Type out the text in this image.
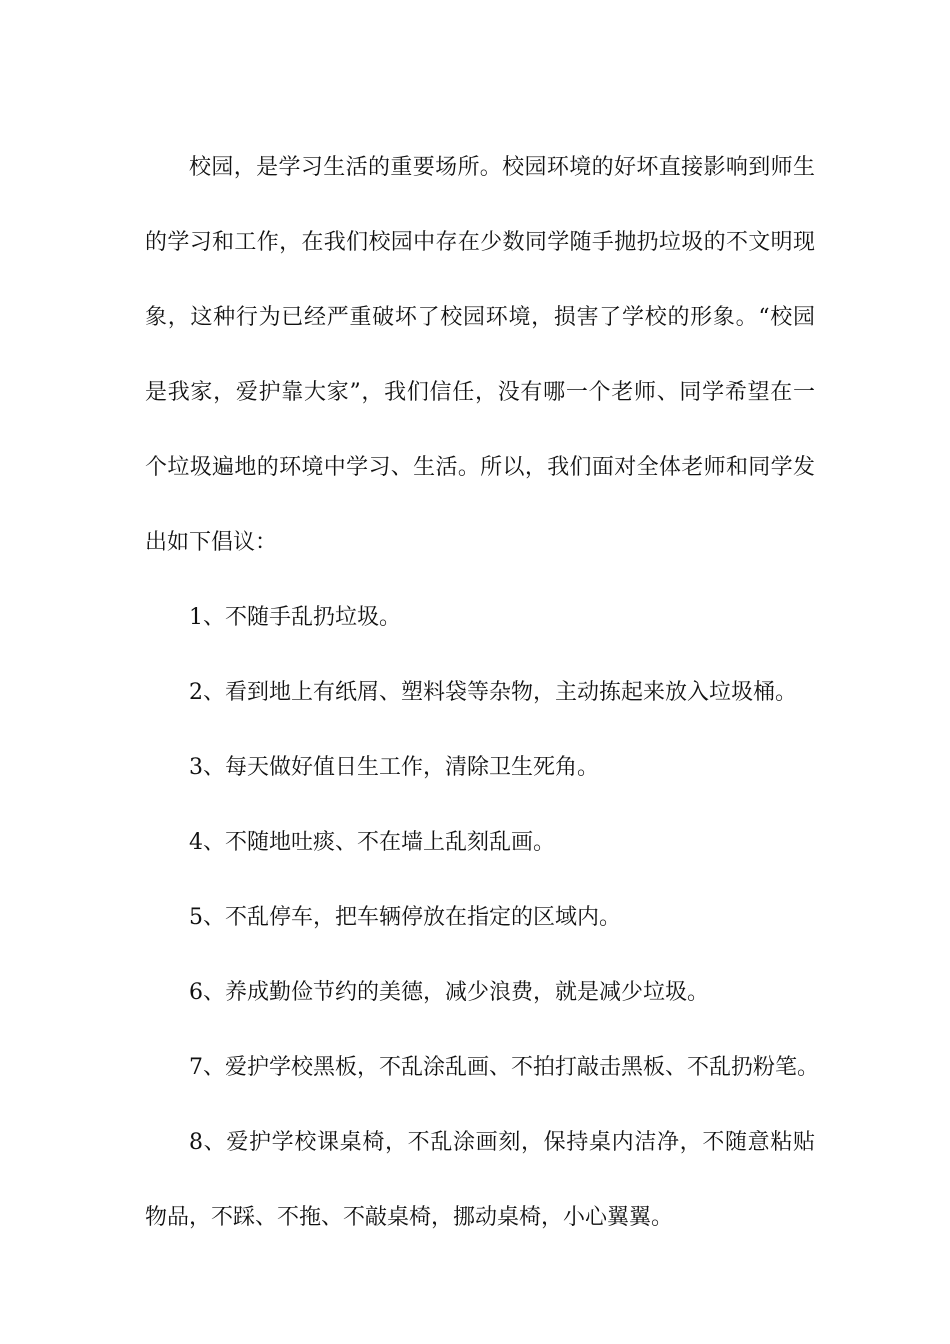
校园，是学习生活的重要场所。校园环境的好坏直接影响到师生的学习和工作，在我们校园中存在少数同学随手抛扔垃圾的不文明现象，这种行为已经严重破坏了校园环境，损害了学校的形象。“校园是我家，爱护靠大家”，我们信任，没有哪一个老师、同学希望在一个垃圾遍地的环境中学习、生活。所以，我们面对全体老师和同学发出如下倡议：

1、不随手乱扔垃圾。

2、看到地上有纸屑、塑料袋等杂物，主动拣起来放入垃圾桶。

3、每天做好值日生工作，清除卫生死角。

4、不随地吐痰、不在墙上乱刻乱画。

5、不乱停车，把车辆停放在指定的区域内。

6、养成勤俭节约的美德，减少浪费，就是减少垃圾。

7、爱护学校黑板，不乱涂乱画、不拍打敲击黑板、不乱扔粉笔。

8、爱护学校课桌椅，不乱涂画刻，保持桌内洁净，不随意粘贴物品，不踩、不拖、不敲桌椅，挪动桌椅，小心翼翼。
